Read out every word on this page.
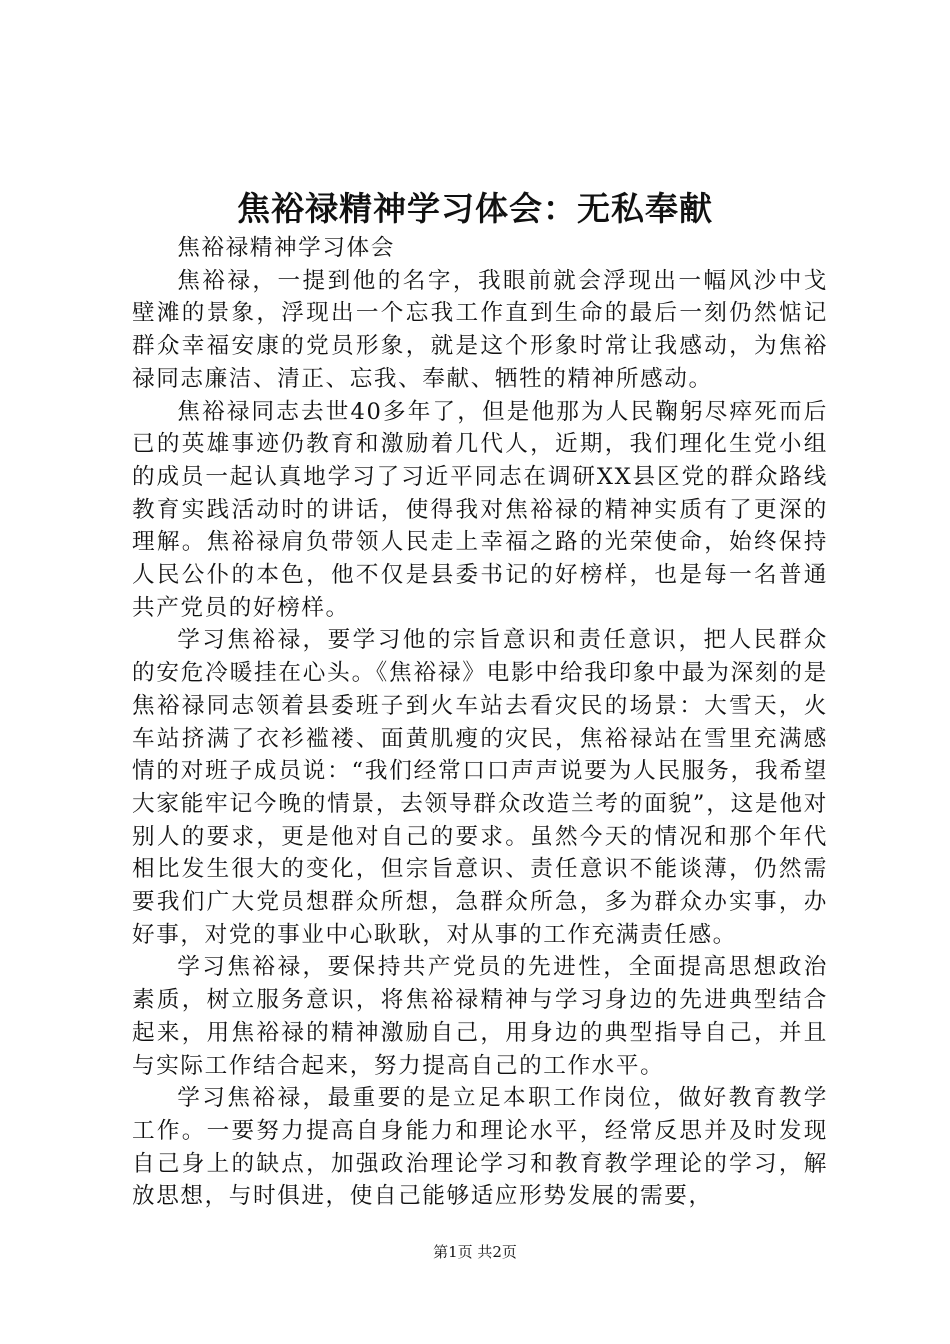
焦裕禄精神学习体会：无私奉献

焦裕禄精神学习体会

焦裕禄，一提到他的名字，我眼前就会浮现出一幅风沙中戈壁滩的景象，浮现出一个忘我工作直到生命的最后一刻仍然惦记群众幸福安康的党员形象，就是这个形象时常让我感动，为焦裕禄同志廉洁、清正、忘我、奉献、牺牲的精神所感动。

焦裕禄同志去世40多年了，但是他那为人民鞠躬尽瘁死而后已的英雄事迹仍教育和激励着几代人，近期，我们理化生党小组的成员一起认真地学习了习近平同志在调研XX县区党的群众路线教育实践活动时的讲话，使得我对焦裕禄的精神实质有了更深的理解。焦裕禄肩负带领人民走上幸福之路的光荣使命，始终保持人民公仆的本色，他不仅是县委书记的好榜样，也是每一名普通共产党员的好榜样。

学习焦裕禄，要学习他的宗旨意识和责任意识，把人民群众的安危冷暖挂在心头。《焦裕禄》电影中给我印象中最为深刻的是焦裕禄同志领着县委班子到火车站去看灾民的场景：大雪天，火车站挤满了衣衫褴褛、面黄肌瘦的灾民，焦裕禄站在雪里充满感情的对班子成员说：“我们经常口口声声说要为人民服务，我希望大家能牢记今晚的情景，去领导群众改造兰考的面貌”，这是他对别人的要求，更是他对自己的要求。虽然今天的情况和那个年代相比发生很大的变化，但宗旨意识、责任意识不能谈薄，仍然需要我们广大党员想群众所想，急群众所急，多为群众办实事，办好事，对党的事业中心耿耿，对从事的工作充满责任感。

学习焦裕禄，要保持共产党员的先进性，全面提高思想政治素质，树立服务意识，将焦裕禄精神与学习身边的先进典型结合起来，用焦裕禄的精神激励自己，用身边的典型指导自己，并且与实际工作结合起来，努力提高自己的工作水平。

学习焦裕禄，最重要的是立足本职工作岗位，做好教育教学工作。一要努力提高自身能力和理论水平，经常反思并及时发现自己身上的缺点，加强政治理论学习和教育教学理论的学习，解放思想，与时俱进，使自己能够适应形势发展的需要，

第1页 共2页
